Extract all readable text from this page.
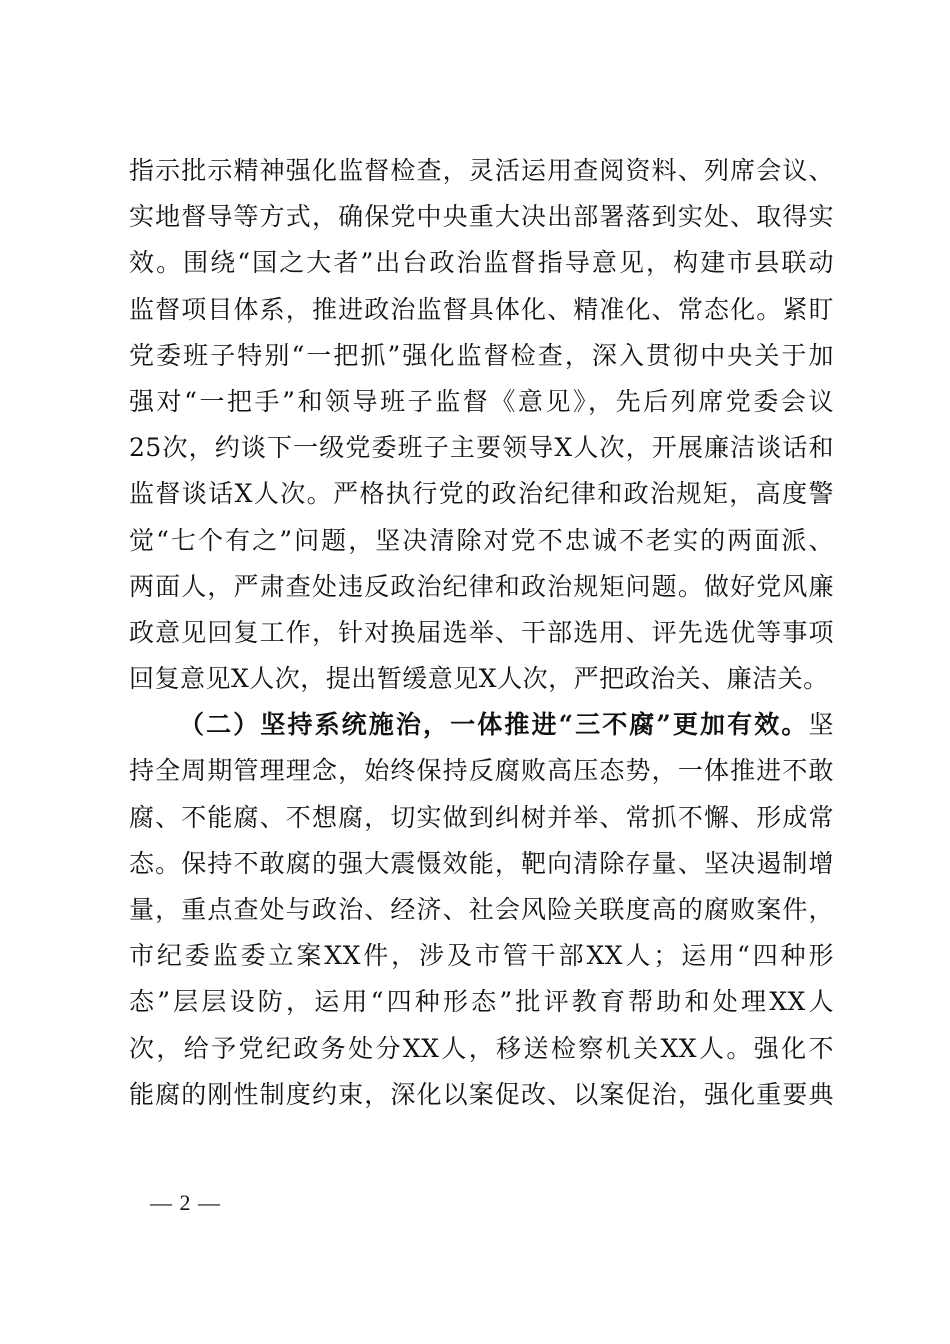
指示批示精神强化监督检查，灵活运用查阅资料、列席会议、
实地督导等方式，确保党中央重大决出部署落到实处、取得实
效。围绕“国之大者”出台政治监督指导意见，构建市县联动
监督项目体系，推进政治监督具体化、精准化、常态化。紧盯
党委班子特别“一把抓”强化监督检查，深入贯彻中央关于加
强对“一把手”和领导班子监督《意见》，先后列席党委会议
25次，约谈下一级党委班子主要领导X人次，开展廉洁谈话和
监督谈话X人次。严格执行党的政治纪律和政治规矩，高度警
觉“七个有之”问题，坚决清除对党不忠诚不老实的两面派、
两面人，严肃查处违反政治纪律和政治规矩问题。做好党风廉
政意见回复工作，针对换届选举、干部选用、评先选优等事项
回复意见X人次，提出暂缓意见X人次，严把政治关、廉洁关。
（二）坚持系统施治，一体推进“三不腐”更加有效。坚
持全周期管理理念，始终保持反腐败高压态势，一体推进不敢
腐、不能腐、不想腐，切实做到纠树并举、常抓不懈、形成常
态。保持不敢腐的强大震慑效能，靶向清除存量、坚决遏制增
量，重点查处与政治、经济、社会风险关联度高的腐败案件，
市纪委监委立案XX件，涉及市管干部XX人；运用“四种形
态”层层设防，运用“四种形态”批评教育帮助和处理XX人
次，给予党纪政务处分XX人，移送检察机关XX人。强化不
能腐的刚性制度约束，深化以案促改、以案促治，强化重要典
— 2 —
